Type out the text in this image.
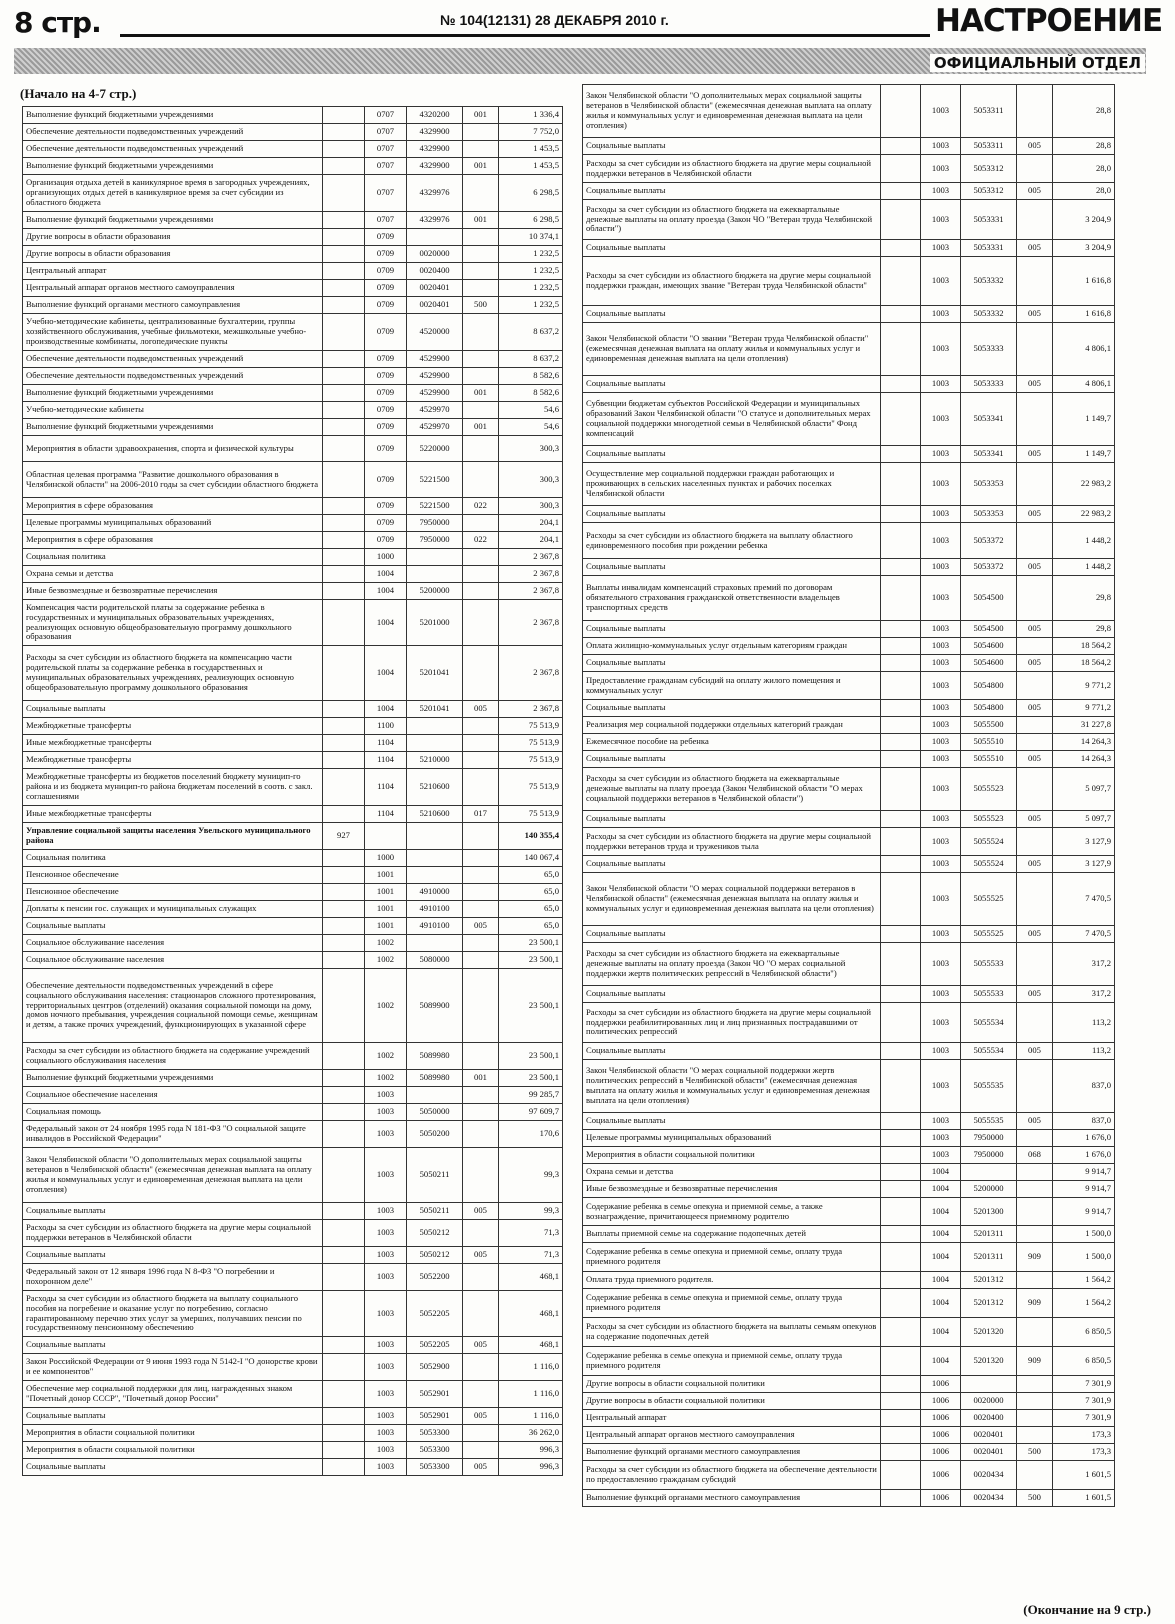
8 стр.	№ 104(12131) 28 ДЕКАБРЯ 2010 г.	НАСТРОЕНИЕ
ОФИЦИАЛЬНЫЙ ОТДЕЛ
(Начало на 4-7 стр.)
Выполнение функций бюджетными учреждениями		0707	4320200	001	1 336,4
Обеспечение деятельности подведомственных учреждений		0707	4329900		7 752,0
Обеспечение деятельности подведомственных учреждений		0707	4329900		1 453,5
Выполнение функций бюджетными учреждениями		0707	4329900	001	1 453,5
Организация отдыха детей в каникулярное время в загородных учреждениях, организующих отдых детей в каникулярное время за счет субсидии из областного бюджета		0707	4329976		6 298,5
Выполнение функций бюджетными учреждениями		0707	4329976	001	6 298,5
Другие вопросы в области образования		0709			10 374,1
Другие вопросы в области образования		0709	0020000		1 232,5
Центральный аппарат		0709	0020400		1 232,5
Центральный аппарат органов местного самоуправления		0709	0020401		1 232,5
Выполнение функций органами местного самоуправления		0709	0020401	500	1 232,5
Учебно-методические кабинеты, централизованные бухгалтерии, группы хозяйственного обслуживания, учебные фильмотеки, межшкольные учебно-производственные комбинаты, логопедические пункты		0709	4520000		8 637,2
Обеспечение деятельности подведомственных учреждений		0709	4529900		8 637,2
Обеспечение деятельности подведомственных учреждений		0709	4529900		8 582,6
Выполнение функций бюджетными учреждениями		0709	4529900	001	8 582,6
Учебно-методические кабинеты		0709	4529970		54,6
Выполнение функций бюджетными учреждениями		0709	4529970	001	54,6
Мероприятия в области здравоохранения, спорта и физической культуры		0709	5220000		300,3
Областная целевая программа "Развитие дошкольного образования в Челябинской области" на 2006-2010 годы за счет субсидии областного бюджета		0709	5221500		300,3
Мероприятия в сфере образования		0709	5221500	022	300,3
Целевые программы муниципальных образований		0709	7950000		204,1
Мероприятия в сфере образования		0709	7950000	022	204,1
Социальная политика		1000			2 367,8
Охрана семьи и детства		1004			2 367,8
Иные безвозмездные и безвозвратные перечисления		1004	5200000		2 367,8
Компенсация части родительской платы за содержание ребенка в государственных и муниципальных образовательных учреждениях, реализующих основную общеобразовательную программу дошкольного образования		1004	5201000		2 367,8
Расходы за счет субсидии из областного бюджета на компенсацию части родительской платы за содержание ребенка в государственных и муниципальных образовательных учреждениях, реализующих основную общеобразовательную программу дошкольного образования		1004	5201041		2 367,8
Социальные выплаты		1004	5201041	005	2 367,8
Межбюджетные трансферты		1100			75 513,9
Иные межбюджетные трансферты		1104			75 513,9
Межбюджетные трансферты		1104	5210000		75 513,9
Межбюджетные трансферты из бюджетов поселений бюджету муницип-го района и из бюджета муницип-го района бюджетам поселений в соотв. с закл. соглашениями		1104	5210600		75 513,9
Иные межбюджетные трансферты		1104	5210600	017	75 513,9
Управление социальной защиты населения Увельского муниципального района	927				140 355,4
Социальная политика		1000			140 067,4
Пенсионное обеспечение		1001			65,0
Пенсионное обеспечение		1001	4910000		65,0
Доплаты к пенсии гос. служащих и муниципальных служащих		1001	4910100		65,0
Социальные выплаты		1001	4910100	005	65,0
Социальное обслуживание населения		1002			23 500,1
Социальное обслуживание населения		1002	5080000		23 500,1
Обеспечение деятельности подведомственных учреждений в сфере социального обслуживания населения: стационаров сложного протезирования, территориальных центров (отделений) оказания социальной помощи на дому, домов ночного пребывания, учреждения социальной помощи семье, женщинам и детям, а также прочих учреждений, функционирующих в указанной сфере		1002	5089900		23 500,1
Расходы за счет субсидии из областного бюджета на содержание учреждений социального обслуживания населения		1002	5089980		23 500,1
Выполнение функций бюджетными учреждениями		1002	5089980	001	23 500,1
Социальное обеспечение населения		1003			99 285,7
Социальная помощь		1003	5050000		97 609,7
Федеральный закон от 24 ноября 1995 года N 181-ФЗ "О социальной защите инвалидов в Российской Федерации"		1003	5050200		170,6
Закон Челябинской области "О дополнительных мерах социальной защиты ветеранов в Челябинской области" (ежемесячная денежная выплата на оплату жилья и коммунальных услуг и единовременная денежная выплата на цели отопления)		1003	5050211		99,3
Социальные выплаты		1003	5050211	005	99,3
Расходы за счет субсидии из областного бюджета на другие меры социальной поддержки ветеранов в Челябинской области		1003	5050212		71,3
Социальные выплаты		1003	5050212	005	71,3
Федеральный закон от 12 января 1996 года N 8-ФЗ "О погребении и похоронном деле"		1003	5052200		468,1
Расходы за счет субсидии из областного бюджета на выплату социального пособия на погребение и оказание услуг по погребению, согласно гарантированному перечню этих услуг за умерших, получавших пенсии по государственному пенсионному обеспечению		1003	5052205		468,1
Социальные выплаты		1003	5052205	005	468,1
Закон Российской Федерации от 9 июня 1993 года N 5142-I "О донорстве крови и ее компонентов"		1003	5052900		1 116,0
Обеспечение мер социальной поддержки для лиц, награжденных знаком "Почетный донор СССР", "Почетный донор России"		1003	5052901		1 116,0
Социальные выплаты		1003	5052901	005	1 116,0
Мероприятия в области социальной политики		1003	5053300		36 262,0
Мероприятия в области социальной политики		1003	5053300		996,3
Социальные выплаты		1003	5053300	005	996,3
Закон Челябинской области "О дополнительных мерах социальной защиты ветеранов в Челябинской области" (ежемесячная денежная выплата на оплату жилья и коммунальных услуг и единовременная денежная выплата на цели отопления)		1003	5053311		28,8
Социальные выплаты		1003	5053311	005	28,8
Расходы за счет субсидии из областного бюджета на другие меры социальной поддержки ветеранов в Челябинской области		1003	5053312		28,0
Социальные выплаты		1003	5053312	005	28,0
Расходы за счет субсидии из областного бюджета на ежеквартальные денежные выплаты на оплату проезда (Закон ЧО "Ветеран труда Челябинской области")		1003	5053331		3 204,9
Социальные выплаты		1003	5053331	005	3 204,9
Расходы за счет субсидии из областного бюджета на другие меры социальной поддержки граждан, имеющих звание "Ветеран труда Челябинской области"		1003	5053332		1 616,8
Социальные выплаты		1003	5053332	005	1 616,8
Закон Челябинской области "О звании "Ветеран труда Челябинской области" (ежемесячная денежная выплата на оплату жилья и коммунальных услуг и единовременная денежная выплата на цели отопления)		1003	5053333		4 806,1
Социальные выплаты		1003	5053333	005	4 806,1
Субвенции бюджетам субъектов Российской Федерации и муниципальных образований Закон Челябинской области "О статусе и дополнительных мерах социальной поддержки многодетной семьи в Челябинской области" Фонд компенсаций		1003	5053341		1 149,7
Социальные выплаты		1003	5053341	005	1 149,7
Осуществление мер социальной поддержки граждан работающих и проживающих в сельских населенных пунктах и рабочих поселках Челябинской области		1003	5053353		22 983,2
Социальные выплаты		1003	5053353	005	22 983,2
Расходы за счет субсидии из областного бюджета на выплату областного единовременного пособия при рождении ребенка		1003	5053372		1 448,2
Социальные выплаты		1003	5053372	005	1 448,2
Выплаты инвалидам компенсаций страховых премий по договорам обязательного страхования гражданской ответственности владельцев транспортных средств		1003	5054500		29,8
Социальные выплаты		1003	5054500	005	29,8
Оплата жилищно-коммунальных услуг отдельным категориям граждан		1003	5054600		18 564,2
Социальные выплаты		1003	5054600	005	18 564,2
Предоставление гражданам субсидий на оплату жилого помещения и коммунальных услуг		1003	5054800		9 771,2
Социальные выплаты		1003	5054800	005	9 771,2
Реализация мер социальной поддержки отдельных категорий граждан		1003	5055500		31 227,8
Ежемесячное пособие на ребенка		1003	5055510		14 264,3
Социальные выплаты		1003	5055510	005	14 264,3
Расходы за счет субсидии из областного бюджета на ежеквартальные денежные выплаты на плату проезда (Закон Челябинской области "О мерах социальной поддержки ветеранов в Челябинской области")		1003	5055523		5 097,7
Социальные выплаты		1003	5055523	005	5 097,7
Расходы за счет субсидии из областного бюджета на другие меры социальной поддержки ветеранов труда и тружеников тыла		1003	5055524		3 127,9
Социальные выплаты		1003	5055524	005	3 127,9
Закон Челябинской области "О мерах социальной поддержки ветеранов в Челябинской области" (ежемесячная денежная выплата на оплату жилья и коммунальных услуг и единовременная денежная выплата на цели отопления)		1003	5055525		7 470,5
Социальные выплаты		1003	5055525	005	7 470,5
Расходы за счет субсидии из областного бюджета на ежеквартальные денежные выплаты на оплату проезда (Закон ЧО "О мерах социальной поддержки жертв политических репрессий в Челябинской области")		1003	5055533		317,2
Социальные выплаты		1003	5055533	005	317,2
Расходы за счет субсидии из областного бюджета на другие меры социальной поддержки реабилитированных лиц и лиц признанных пострадавшими от политических репрессий		1003	5055534		113,2
Социальные выплаты		1003	5055534	005	113,2
Закон Челябинской области "О мерах социальной поддержки жертв политических репрессий в Челябинской области" (ежемесячная денежная выплата на оплату жилья и коммунальных услуг и единовременная денежная выплата на цели отопления)		1003	5055535		837,0
Социальные выплаты		1003	5055535	005	837,0
Целевые программы муниципальных образований		1003	7950000		1 676,0
Мероприятия в области социальной политики		1003	7950000	068	1 676,0
Охрана семьи и детства		1004			9 914,7
Иные безвозмездные и безвозвратные перечисления		1004	5200000		9 914,7
Содержание ребенка в семье опекуна и приемной семье, а также вознаграждение, причитающееся приемному родителю		1004	5201300		9 914,7
Выплаты приемной семье на содержание подопечных детей		1004	5201311		1 500,0
Содержание ребенка в семье опекуна и приемной семье, оплату труда приемного родителя		1004	5201311	909	1 500,0
Оплата труда приемного родителя.		1004	5201312		1 564,2
Содержание ребенка в семье опекуна и приемной семье, оплату труда приемного родителя		1004	5201312	909	1 564,2
Расходы за счет субсидии из областного бюджета на выплаты семьям опекунов на содержание подопечных детей		1004	5201320		6 850,5
Содержание ребенка в семье опекуна и приемной семье, оплату труда приемного родителя		1004	5201320	909	6 850,5
Другие вопросы в области социальной политики		1006			7 301,9
Другие вопросы в области социальной политики		1006	0020000		7 301,9
Центральный аппарат		1006	0020400		7 301,9
Центральный аппарат органов местного самоуправления		1006	0020401		173,3
Выполнение функций органами местного самоуправления		1006	0020401	500	173,3
Расходы за счет субсидии из областного бюджета на обеспечение деятельности по предоставлению гражданам субсидий		1006	0020434		1 601,5
Выполнение функций органами местного самоуправления		1006	0020434	500	1 601,5
(Окончание на 9 стр.)
